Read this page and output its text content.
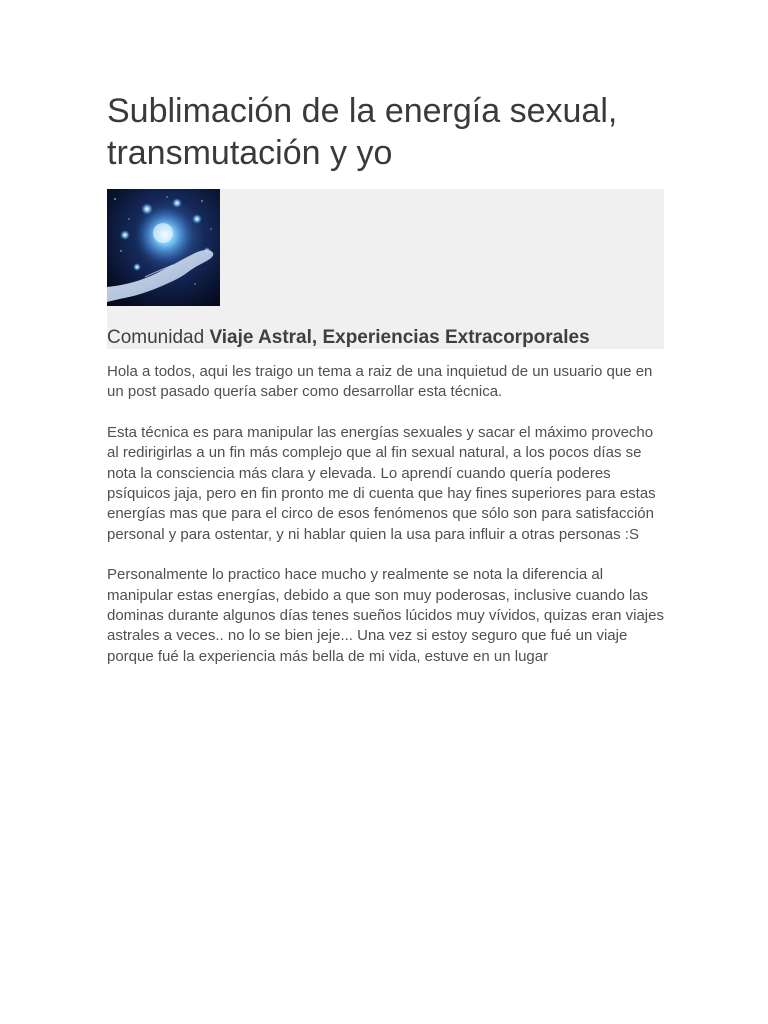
Sublimación de la energía sexual, transmutación y yo

Comunidad Viaje Astral, Experiencias Extracorporales

Hola a todos, aqui les traigo un tema a raiz de una inquietud de un usuario que en un post pasado quería saber como desarrollar esta técnica.

Esta técnica es para manipular las energías sexuales y sacar el máximo provecho al redirigirlas a un fin más complejo que al fin sexual natural, a los pocos días se nota la consciencia más clara y elevada. Lo aprendí cuando quería poderes psíquicos jaja, pero en fin pronto me di cuenta que hay fines superiores para estas energías mas que para el circo de esos fenómenos que sólo son para satisfacción personal y para ostentar, y ni hablar quien la usa para influir a otras personas :S

Personalmente lo practico hace mucho y realmente se nota la diferencia al manipular estas energías, debido a que son muy poderosas, inclusive cuando las dominas durante algunos días tenes sueños lúcidos muy vívidos, quizas eran viajes astrales a veces.. no lo se bien jeje... Una vez si estoy seguro que fué un viaje porque fué la experiencia más bella de mi vida, estuve en un lugar
